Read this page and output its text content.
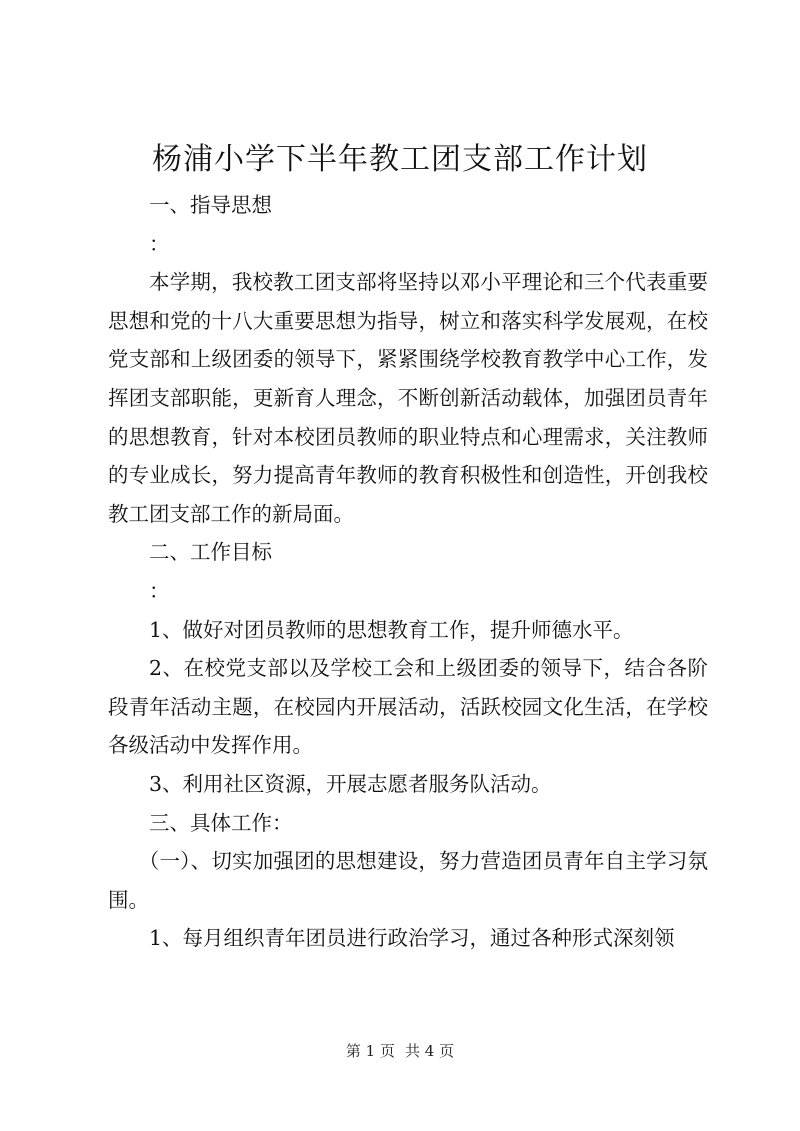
杨浦小学下半年教工团支部工作计划

一、指导思想

：

本学期，我校教工团支部将坚持以邓小平理论和三个代表重要思想和党的十八大重要思想为指导，树立和落实科学发展观，在校党支部和上级团委的领导下，紧紧围绕学校教育教学中心工作，发挥团支部职能，更新育人理念，不断创新活动载体，加强团员青年的思想教育，针对本校团员教师的职业特点和心理需求，关注教师的专业成长，努力提高青年教师的教育积极性和创造性，开创我校教工团支部工作的新局面。

二、工作目标

：

1、做好对团员教师的思想教育工作，提升师德水平。

2、在校党支部以及学校工会和上级团委的领导下，结合各阶段青年活动主题，在校园内开展活动，活跃校园文化生活，在学校各级活动中发挥作用。

3、利用社区资源，开展志愿者服务队活动。

三、具体工作：

（一）、切实加强团的思想建设，努力营造团员青年自主学习氛围。

1、每月组织青年团员进行政治学习，通过各种形式深刻领

第 1 页 共 4 页
